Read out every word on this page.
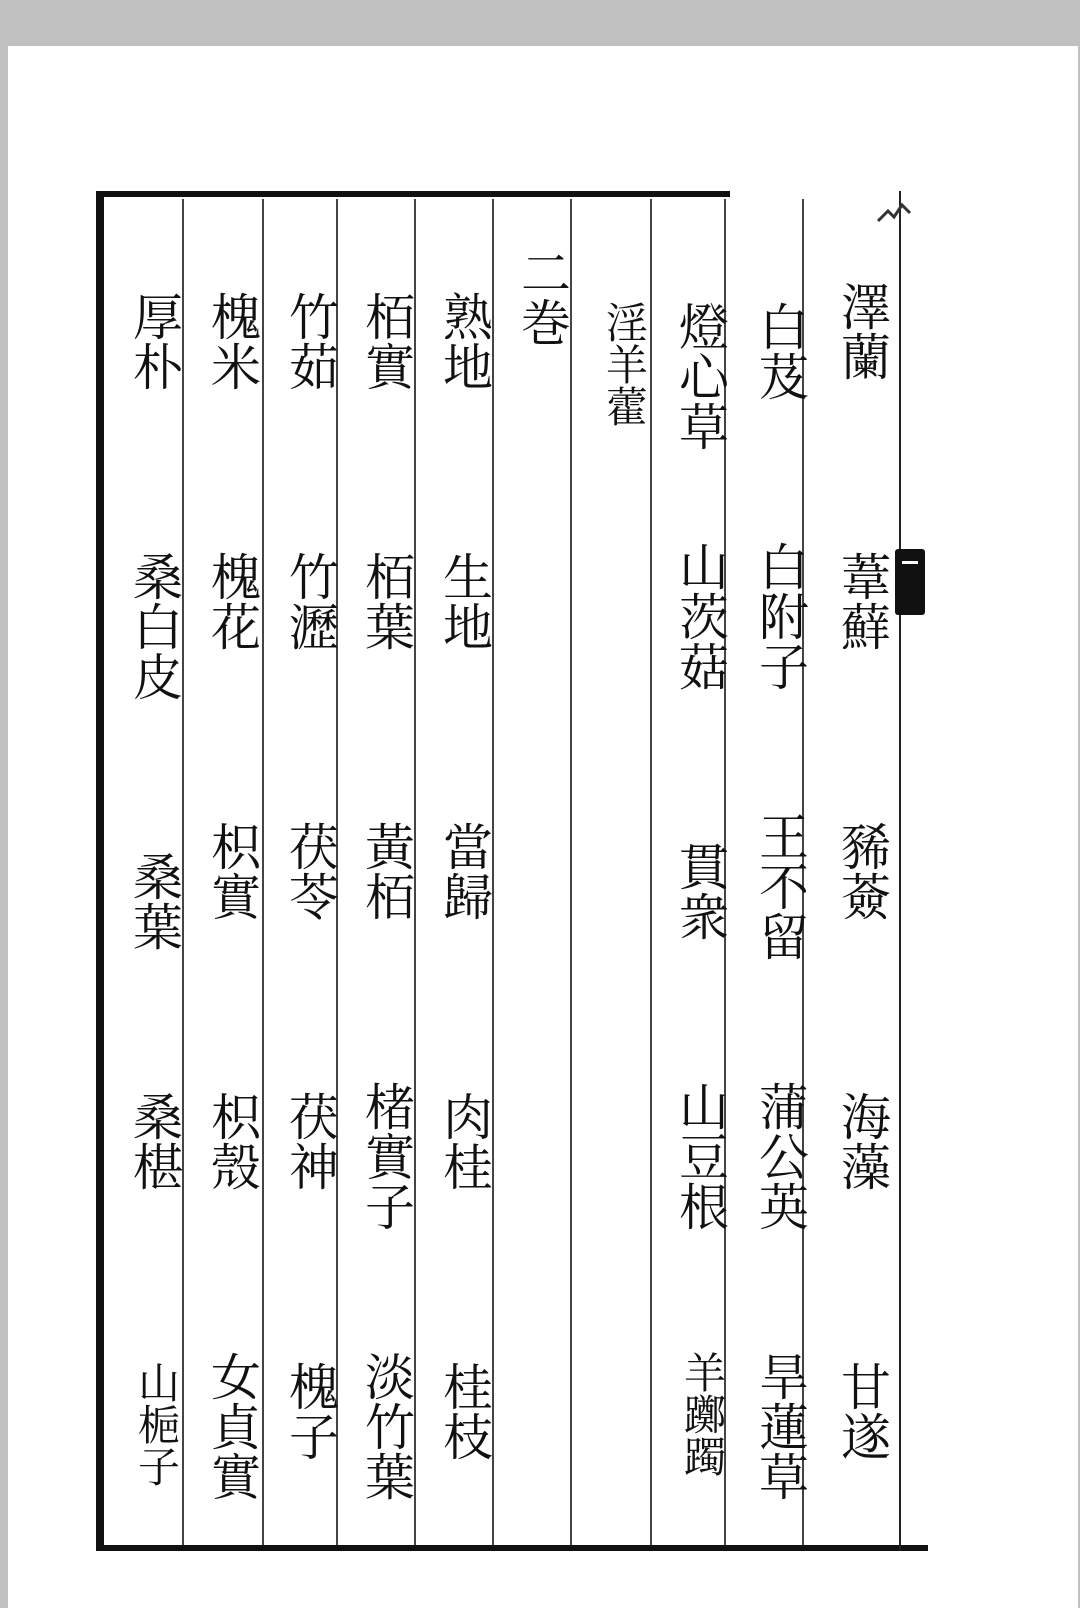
澤蘭
葦蘚
豨薟
海藻
甘遂
白芨
白附子
王不留
蒲公英
旱蓮草
燈心草
山茨菇
貫衆
山豆根
羊躑躅
淫羊藿
二巻
熟地
生地
當歸
肉桂
桂枝
栢實
栢葉
黃栢
楮實子
淡竹葉
竹茹
竹瀝
茯苓
茯神
槐子
槐米
槐花
枳實
枳殼
女貞實
厚朴
桑白皮
桑葉
桑椹
山梔子
